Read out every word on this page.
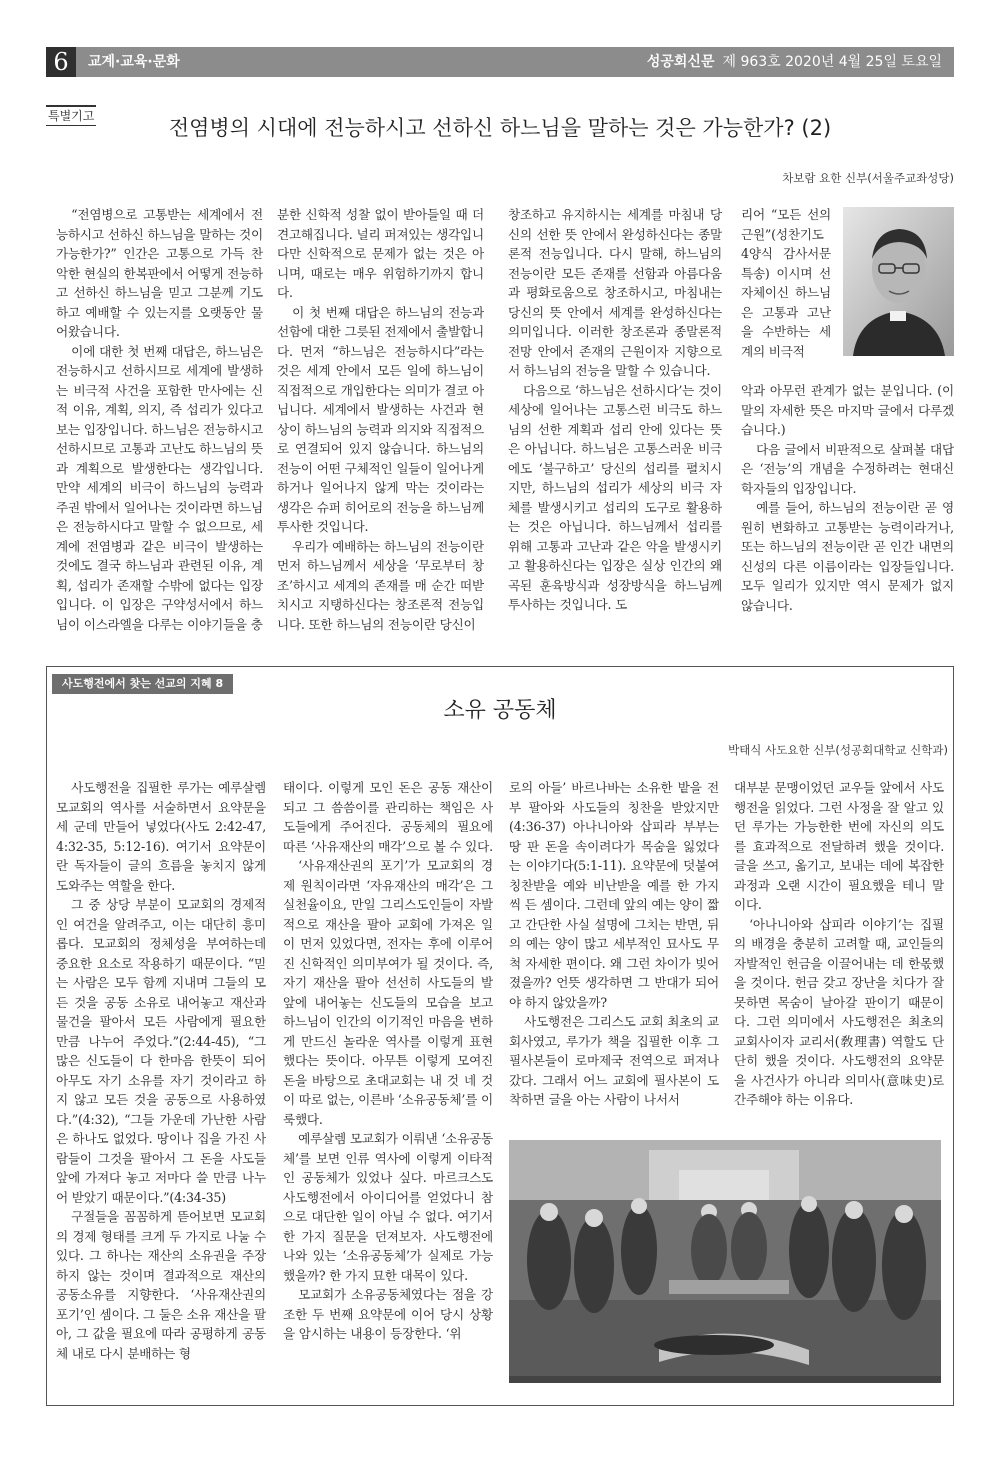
6	교계·교육·문화	성공회신문 제 963호 2020년 4월 25일 토요일
특별기고	전염병의 시대에 전능하시고 선하신 하느님을 말하는 것은 가능한가? (2)
차보람 요한 신부(서울주교좌성당)

“전염병으로 고통받는 세계에서 전능하시고 선하신 하느님을 말하는 것이 가능한가?” 인간은 고통으로 가득 찬 악한 현실의 한복판에서 어떻게 전능하고 선하신 하느님을 믿고 그분께 기도하고 예배할 수 있는지를 오랫동안 물어왔습니다.

이에 대한 첫 번째 대답은, 하느님은 전능하시고 선하시므로 세계에 발생하는 비극적 사건을 포함한 만사에는 신적 이유, 계획, 의지, 즉 섭리가 있다고 보는 입장입니다. 하느님은 전능하시고 선하시므로 고통과 고난도 하느님의 뜻과 계획으로 발생한다는 생각입니다. 만약 세계의 비극이 하느님의 능력과 주권 밖에서 일어나는 것이라면 하느님은 전능하시다고 말할 수 없으므로, 세계에 전염병과 같은 비극이 발생하는 것에도 결국 하느님과 관련된 이유, 계획, 섭리가 존재할 수밖에 없다는 입장입니다. 이 입장은 구약성서에서 하느님이 이스라엘을 다루는 이야기들을 충

분한 신학적 성찰 없이 받아들일 때 더 견고해집니다. 널리 퍼져있는 생각입니다만 신학적으로 문제가 없는 것은 아니며, 때로는 매우 위험하기까지 합니다.

이 첫 번째 대답은 하느님의 전능과 선함에 대한 그릇된 전제에서 출발합니다. 먼저 “하느님은 전능하시다”라는 것은 세계 안에서 모든 일에 하느님이 직접적으로 개입한다는 의미가 결코 아닙니다. 세계에서 발생하는 사건과 현상이 하느님의 능력과 의지와 직접적으로 연결되어 있지 않습니다. 하느님의 전능이 어떤 구체적인 일들이 일어나게 하거나 일어나지 않게 막는 것이라는 생각은 슈퍼 히어로의 전능을 하느님께 투사한 것입니다.

우리가 예배하는 하느님의 전능이란 먼저 하느님께서 세상을 ‘무로부터 창조’하시고 세계의 존재를 매 순간 떠받치시고 지탱하신다는 창조론적 전능입니다. 또한 하느님의 전능이란 당신이

창조하고 유지하시는 세계를 마침내 당신의 선한 뜻 안에서 완성하신다는 종말론적 전능입니다. 다시 말해, 하느님의 전능이란 모든 존재를 선함과 아름다움과 평화로움으로 창조하시고, 마침내는 당신의 뜻 안에서 세계를 완성하신다는 의미입니다. 이러한 창조론과 종말론적 전망 안에서 존재의 근원이자 지향으로서 하느님의 전능을 말할 수 있습니다.

다음으로 ‘하느님은 선하시다’는 것이 세상에 일어나는 고통스런 비극도 하느님의 선한 계획과 섭리 안에 있다는 뜻은 아닙니다. 하느님은 고통스러운 비극에도 ‘불구하고’ 당신의 섭리를 펼치시지만, 하느님의 섭리가 세상의 비극 자체를 발생시키고 섭리의 도구로 활용하는 것은 아닙니다. 하느님께서 섭리를 위해 고통과 고난과 같은 악을 발생시키고 활용하신다는 입장은 실상 인간의 왜곡된 훈육방식과 성장방식을 하느님께 투사하는 것입니다. 도

리어 “모든 선의 근원”(성찬기도 4양식 감사서문 특송) 이시며 선 자체이신 하느님은 고통과 고난을 수반하는 세계의 비극적

악과 아무런 관계가 없는 분입니다. (이 말의 자세한 뜻은 마지막 글에서 다루겠습니다.)

다음 글에서 비판적으로 살펴볼 대답은 ‘전능’의 개념을 수정하려는 현대신학자들의 입장입니다.

예를 들어, 하느님의 전능이란 곧 영원히 변화하고 고통받는 능력이라거나, 또는 하느님의 전능이란 곧 인간 내면의 신성의 다른 이름이라는 입장들입니다. 모두 일리가 있지만 역시 문제가 없지 않습니다.

사도행전에서 찾는 선교의 지혜 8
소유 공동체
박태식 사도요한 신부(성공회대학교 신학과)

사도행전을 집필한 루가는 예루살렘 모교회의 역사를 서술하면서 요약문을 세 군데 만들어 넣었다(사도 2:42-47, 4:32-35, 5:12-16). 여기서 요약문이란 독자들이 글의 흐름을 놓치지 않게 도와주는 역할을 한다.

그 중 상당 부분이 모교회의 경제적인 여건을 알려주고, 이는 대단히 흥미롭다. 모교회의 정체성을 부여하는데 중요한 요소로 작용하기 때문이다. “믿는 사람은 모두 함께 지내며 그들의 모든 것을 공동 소유로 내어놓고 재산과 물건을 팔아서 모든 사람에게 필요한 만큼 나누어 주었다.”(2:44-45), “그 많은 신도들이 다 한마음 한뜻이 되어 아무도 자기 소유를 자기 것이라고 하지 않고 모든 것을 공동으로 사용하였다.”(4:32), “그들 가운데 가난한 사람은 하나도 없었다. 땅이나 집을 가진 사람들이 그것을 팔아서 그 돈을 사도들 앞에 가져다 놓고 저마다 쓸 만큼 나누어 받았기 때문이다.”(4:34-35)

구절들을 꼼꼼하게 뜯어보면 모교회의 경제 형태를 크게 두 가지로 나눌 수 있다. 그 하나는 재산의 소유권을 주장하지 않는 것이며 결과적으로 재산의 공동소유를 지향한다. ‘사유재산권의 포기’인 셈이다. 그 둘은 소유 재산을 팔아, 그 값을 필요에 따라 공평하게 공동체 내로 다시 분배하는 형

태이다. 이렇게 모인 돈은 공동 재산이 되고 그 씀씀이를 관리하는 책임은 사도들에게 주어진다. 공동체의 필요에 따른 ‘사유재산의 매각’으로 볼 수 있다.

‘사유재산권의 포기’가 모교회의 경제 원칙이라면 ‘자유재산의 매각’은 그 실천율이요, 만일 그리스도인들이 자발적으로 재산을 팔아 교회에 가져온 일이 먼저 있었다면, 전자는 후에 이루어진 신학적인 의미부여가 될 것이다. 즉, 자기 재산을 팔아 선선히 사도들의 발 앞에 내어놓는 신도들의 모습을 보고 하느님이 인간의 이기적인 마음을 변하게 만드신 놀라운 역사를 이렇게 표현했다는 뜻이다. 아무튼 이렇게 모여진 돈을 바탕으로 초대교회는 내 것 네 것이 따로 없는, 이른바 ‘소유공동체’를 이룩했다.

예루살렘 모교회가 이뤄낸 ‘소유공동체’를 보면 인류 역사에 이렇게 이타적인 공동체가 있었나 싶다. 마르크스도 사도행전에서 아이디어를 얻었다니 참으로 대단한 일이 아닐 수 없다. 여기서 한 가지 질문을 던져보자. 사도행전에 나와 있는 ‘소유공동체’가 실제로 가능했을까? 한 가지 묘한 대목이 있다.

모교회가 소유공동체였다는 점을 강조한 두 번째 요약문에 이어 당시 상황을 암시하는 내용이 등장한다. ‘위

로의 아들’ 바르나바는 소유한 밭을 전부 팔아와 사도들의 칭찬을 받았지만(4:36-37) 아나니아와 삽피라 부부는 땅 판 돈을 속이려다가 목숨을 잃었다는 이야기다(5:1-11). 요약문에 덧붙여 칭찬받을 예와 비난받을 예를 한 가지씩 든 셈이다. 그런데 앞의 예는 양이 짧고 간단한 사실 설명에 그치는 반면, 뒤의 예는 양이 많고 세부적인 묘사도 무척 자세한 편이다. 왜 그런 차이가 빚어졌을까? 언뜻 생각하면 그 반대가 되어야 하지 않았을까?

사도행전은 그리스도 교회 최초의 교회사였고, 루가가 책을 집필한 이후 그 필사본들이 로마제국 전역으로 퍼져나갔다. 그래서 어느 교회에 필사본이 도착하면 글을 아는 사람이 나서서

대부분 문맹이었던 교우들 앞에서 사도행전을 읽었다. 그런 사정을 잘 알고 있던 루가는 가능한한 번에 자신의 의도를 효과적으로 전달하려 했을 것이다. 글을 쓰고, 옮기고, 보내는 데에 복잡한 과정과 오랜 시간이 필요했을 테니 말이다.

‘아나니아와 삽피라 이야기’는 집필의 배경을 충분히 고려할 때, 교인들의 자발적인 헌금을 이끌어내는 데 한몫했을 것이다. 헌금 갖고 장난을 치다가 잘못하면 목숨이 날아갈 판이기 때문이다. 그런 의미에서 사도행전은 최초의 교회사이자 교리서(敎理書) 역할도 단단히 했을 것이다. 사도행전의 요약문을 사건사가 아니라 의미사(意味史)로 간주해야 하는 이유다.
